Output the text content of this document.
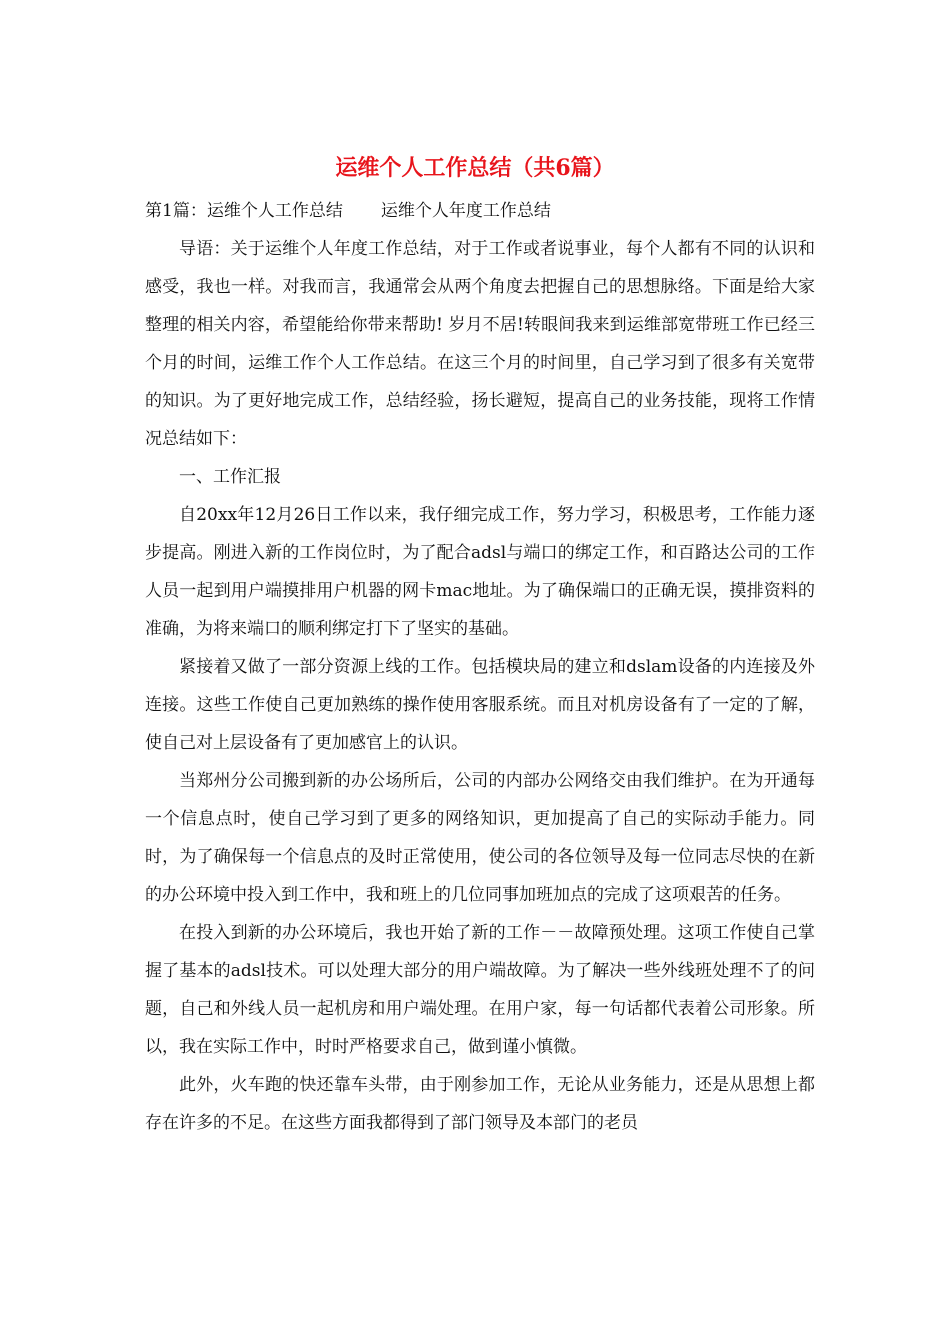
运维个人工作总结（共6篇）

第1篇：运维个人工作总结 运维个人年度工作总结

导语：关于运维个人年度工作总结，对于工作或者说事业，每个人都有不同的认识和感受，我也一样。对我而言，我通常会从两个角度去把握自己的思想脉络。下面是给大家整理的相关内容，希望能给你带来帮助! 岁月不居!转眼间我来到运维部宽带班工作已经三个月的时间，运维工作个人工作总结。在这三个月的时间里，自己学习到了很多有关宽带的知识。为了更好地完成工作，总结经验，扬长避短，提高自己的业务技能，现将工作情况总结如下：

一、工作汇报

自20xx年12月26日工作以来，我仔细完成工作，努力学习，积极思考，工作能力逐步提高。刚进入新的工作岗位时，为了配合adsl与端口的绑定工作，和百路达公司的工作人员一起到用户端摸排用户机器的网卡mac地址。为了确保端口的正确无误，摸排资料的准确，为将来端口的顺利绑定打下了坚实的基础。

紧接着又做了一部分资源上线的工作。包括模块局的建立和dslam设备的内连接及外连接。这些工作使自己更加熟练的操作使用客服系统。而且对机房设备有了一定的了解，使自己对上层设备有了更加感官上的认识。

当郑州分公司搬到新的办公场所后，公司的内部办公网络交由我们维护。在为开通每一个信息点时，使自己学习到了更多的网络知识，更加提高了自己的实际动手能力。同时，为了确保每一个信息点的及时正常使用，使公司的各位领导及每一位同志尽快的在新的办公环境中投入到工作中，我和班上的几位同事加班加点的完成了这项艰苦的任务。

在投入到新的办公环境后，我也开始了新的工作－－故障预处理。这项工作使自己掌握了基本的adsl技术。可以处理大部分的用户端故障。为了解决一些外线班处理不了的问题，自己和外线人员一起机房和用户端处理。在用户家，每一句话都代表着公司形象。所以，我在实际工作中，时时严格要求自己，做到谨小慎微。

此外，火车跑的快还靠车头带，由于刚参加工作，无论从业务能力，还是从思想上都存在许多的不足。在这些方面我都得到了部门领导及本部门的老员
